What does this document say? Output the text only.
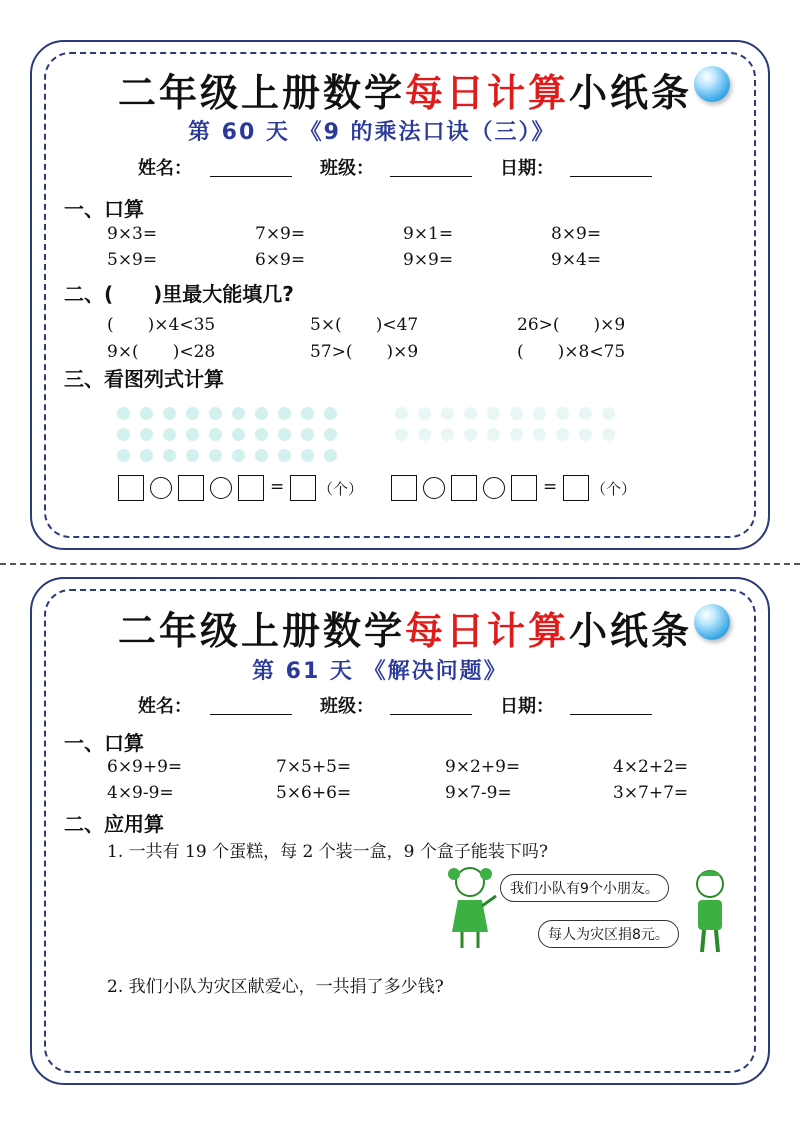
二年级上册数学每日计算小纸条
第 60 天 《9 的乘法口诀（三）》
姓名：	班级：	日期：
一、口算
9×3=	7×9=	9×1=	8×9=
5×9=	6×9=	9×9=	9×4=
二、(　　)里最大能填几?
(　　)×4<35	5×(　　)<47	26>(　　)×9
9×(　　)<28	57>(　　)×9	(　　)×8<75
三、看图列式计算

= （个）	= （个）
二年级上册数学每日计算小纸条
第 61 天 《解决问题》
姓名：	班级：	日期：
一、口算
6×9+9=	7×5+5=	9×2+9=	4×2+2=
4×9-9=	5×6+6=	9×7-9=	3×7+7=
二、应用算
1. 一共有 19 个蛋糕，每 2 个装一盒，9 个盒子能装下吗?
我们小队有9个小朋友。
每人为灾区捐8元。
2. 我们小队为灾区献爱心，一共捐了多少钱?
